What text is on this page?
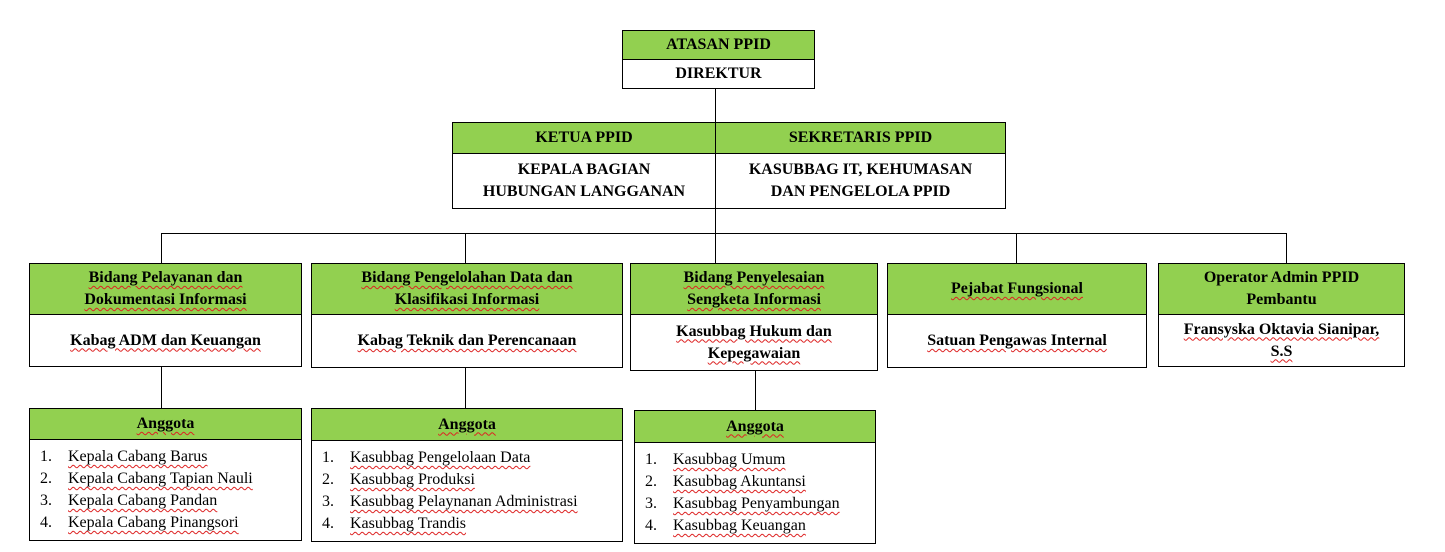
ATASAN PPID
DIREKTUR
KETUA PPID
KEPALA BAGIAN
HUBUNGAN LANGGANAN
SEKRETARIS PPID
KASUBBAG IT, KEHUMASAN
DAN PENGELOLA PPID
Bidang Pelayanan dan
Dokumentasi Informasi
Kabag ADM dan Keuangan
Bidang Pengelolahan Data dan
Klasifikasi Informasi
Kabag Teknik dan Perencanaan
Bidang Penyelesaian
Sengketa Informasi
Kasubbag Hukum dan
Kepegawaian
Pejabat Fungsional
Satuan Pengawas Internal
Operator Admin PPID
Pembantu
Fransyska Oktavia Sianipar,
S.S
Anggota
1.	Kepala Cabang Barus
2.	Kepala Cabang Tapian Nauli
3.	Kepala Cabang Pandan
4.	Kepala Cabang Pinangsori
Anggota
1.	Kasubbag Pengelolaan Data
2.	Kasubbag Produksi
3.	Kasubbag Pelaynanan Administrasi
4.	Kasubbag Trandis
Anggota
1.	Kasubbag Umum
2.	Kasubbag Akuntansi
3.	Kasubbag Penyambungan
4.	Kasubbag Keuangan
